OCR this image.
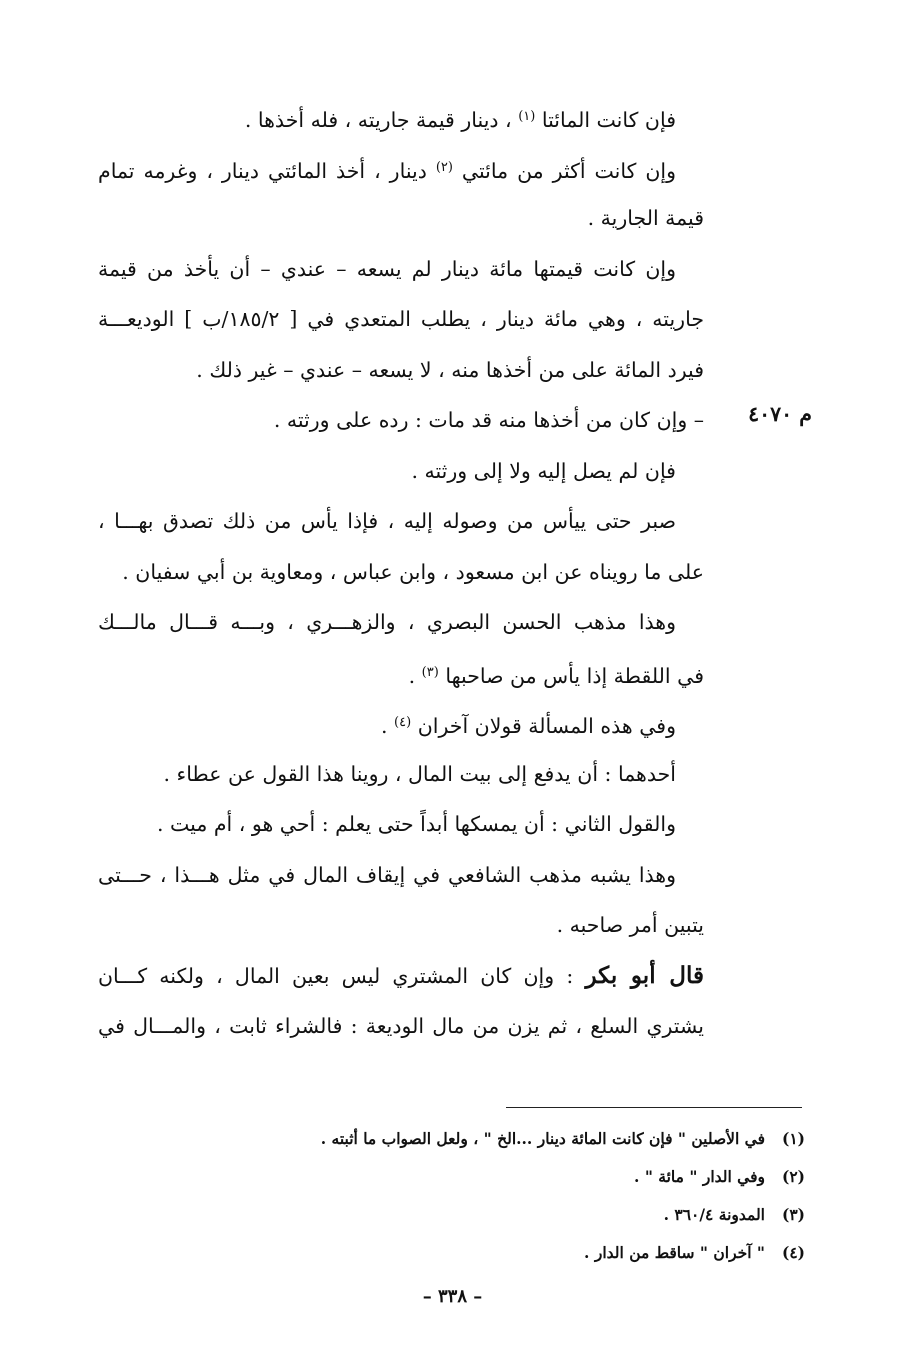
فإن كانت المائتا $^{(١)}$ ، دينار قيمة جاريته ، فله أخذها .
وإن كانت أكثر من مائتي $^{(٢)}$ دينار ، أخذ المائتي دينار ، وغرمه تمام
قيمة الجارية .
وإن كانت قيمتها مائة دينار لم يسعه – عندي – أن يأخذ من قيمة
جاريته ، وهي مائة دينار ، يطلب المتعدي في [ ١٨٥/٢/ب ] الوديعـــة
فيرد المائة على من أخذها منه ، لا يسعه – عندي – غير ذلك .
– وإن كان من أخذها منه قد مات : رده على ورثته .
فإن لم يصل إليه ولا إلى ورثته .
صبر حتى ييأس من وصوله إليه ، فإذا يأس من ذلك تصدق بهـــا ،
على ما رويناه عن ابن مسعود ، وابن عباس ، ومعاوية بن أبي سفيان .
وهذا مذهب الحسن البصري ، والزهـــري ، وبـــه قـــال مالـــك
في اللقطة إذا يأس من صاحبها $^{(٣)}$ .
وفي هذه المسألة قولان آخران $^{(٤)}$ .
أحدهما : أن يدفع إلى بيت المال ، روينا هذا القول عن عطاء .
والقول الثاني : أن يمسكها أبداً حتى يعلم : أحي هو ، أم ميت .
وهذا يشبه مذهب الشافعي في إيقاف المال في مثل هـــذا ، حـــتى
يتبين أمر صاحبه .
قال أبو بكر : وإن كان المشتري ليس بعين المال ، ولكنه كـــان
يشتري السلع ، ثم يزن من مال الوديعة : فالشراء ثابت ، والمـــال في
م ٤٠٧٠
(١)في الأصلين " فإن كانت المائة دينار ...الخ " ، ولعل الصواب ما أثبته .
(٢)وفي الدار " مائة " .
(٣)المدونة ٣٦٠/٤ .
(٤)" آخران " ساقط من الدار .
– ٣٣٨ –
